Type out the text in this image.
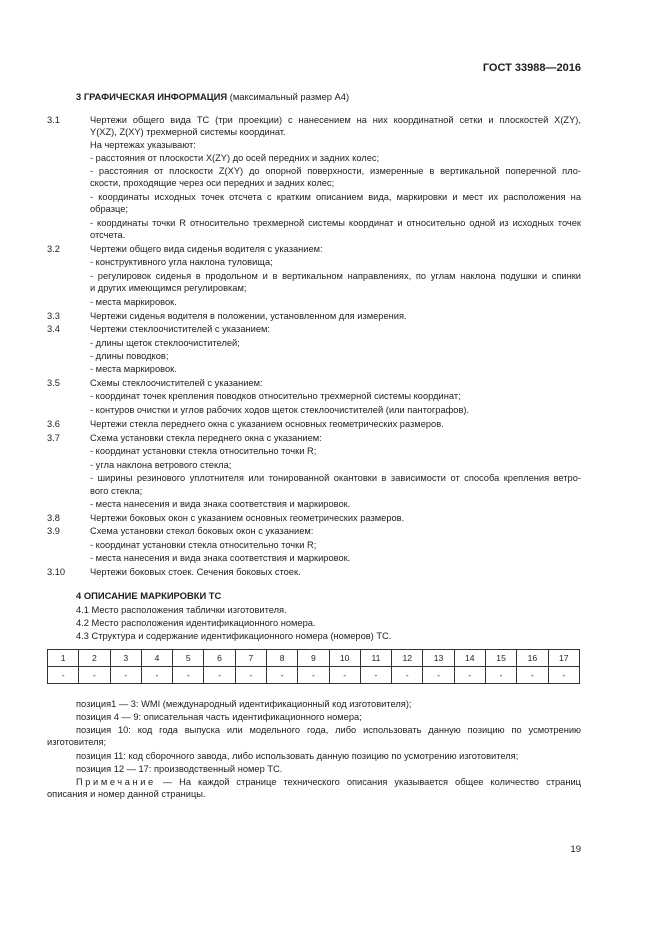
ГОСТ 33988—2016
3 ГРАФИЧЕСКАЯ ИНФОРМАЦИЯ (максимальный размер А4)
3.1	Чертежи общего вида ТС (три проекции) с нанесением на них координатной сетки и плоскостей X(ZY),
Y(XZ), Z(XY) трехмерной системы координат.
На чертежах указывают:
- расстояния от плоскости X(ZY) до осей передних и задних колес;
- расстояния от плоскости Z(XY) до опорной поверхности, измеренные в вертикальной поперечной пло-
скости, проходящие через оси передних и задних колес;
- координаты исходных точек отсчета с кратким описанием вида, маркировки и мест их расположения на
образце;
- координаты точки R относительно трехмерной системы координат и относительно одной из исходных точек
отсчета.
3.2	Чертежи общего вида сиденья водителя с указанием:
- конструктивного угла наклона туловища;
- регулировок сиденья в продольном и в вертикальном направлениях, по углам наклона подушки и спинки
и других имеющимся регулировкам;
- места маркировок.
3.3	Чертежи сиденья водителя в положении, установленном для измерения.
3.4	Чертежи стеклоочистителей с указанием:
- длины щеток стеклоочистителей;
- длины поводков;
- места маркировок.
3.5	Схемы стеклоочистителей с указанием:
- координат точек крепления поводков относительно трехмерной системы координат;
- контуров очистки и углов рабочих ходов щеток стеклоочистителей (или пантографов).
3.6	Чертежи стекла переднего окна с указанием основных геометрических размеров.
3.7	Схема установки стекла переднего окна с указанием:
- координат установки стекла относительно точки R;
- угла наклона ветрового стекла;
- ширины резинового уплотнителя или тонированной окантовки в зависимости от способа крепления ветро-
вого стекла;
- места нанесения и вида знака соответствия и маркировок.
3.8	Чертежи боковых окон с указанием основных геометрических размеров.
3.9	Схема установки стекол боковых окон с указанием:
- координат установки стекла относительно точки R;
- места нанесения и вида знака соответствия и маркировок.
3.10	Чертежи боковых стоек. Сечения боковых стоек.
4 ОПИСАНИЕ МАРКИРОВКИ ТС
4.1 Место расположения таблички изготовителя.
4.2 Место расположения идентификационного номера.
4.3 Структура и содержание идентификационного номера (номеров) ТС.
1	2	3	4	5	6	7	8	9	10	11	12	13	14	15	16	17
-	-	-	-	-	-	-	-	-	-	-	-	-	-	-	-	-
позиция1 — 3: WMI (международный идентификационный код изготовителя);
позиция 4 — 9: описательная часть идентификационного номера;
позиция 10: код года выпуска или модельного года, либо использовать данную позицию по усмотрению
изготовителя;
позиция 11: код сборочного завода, либо использовать данную позицию по усмотрению изготовителя;
позиция 12 — 17: производственный номер ТС.
Примечание — На каждой странице технического описания указывается общее количество страниц
описания и номер данной страницы.
19
